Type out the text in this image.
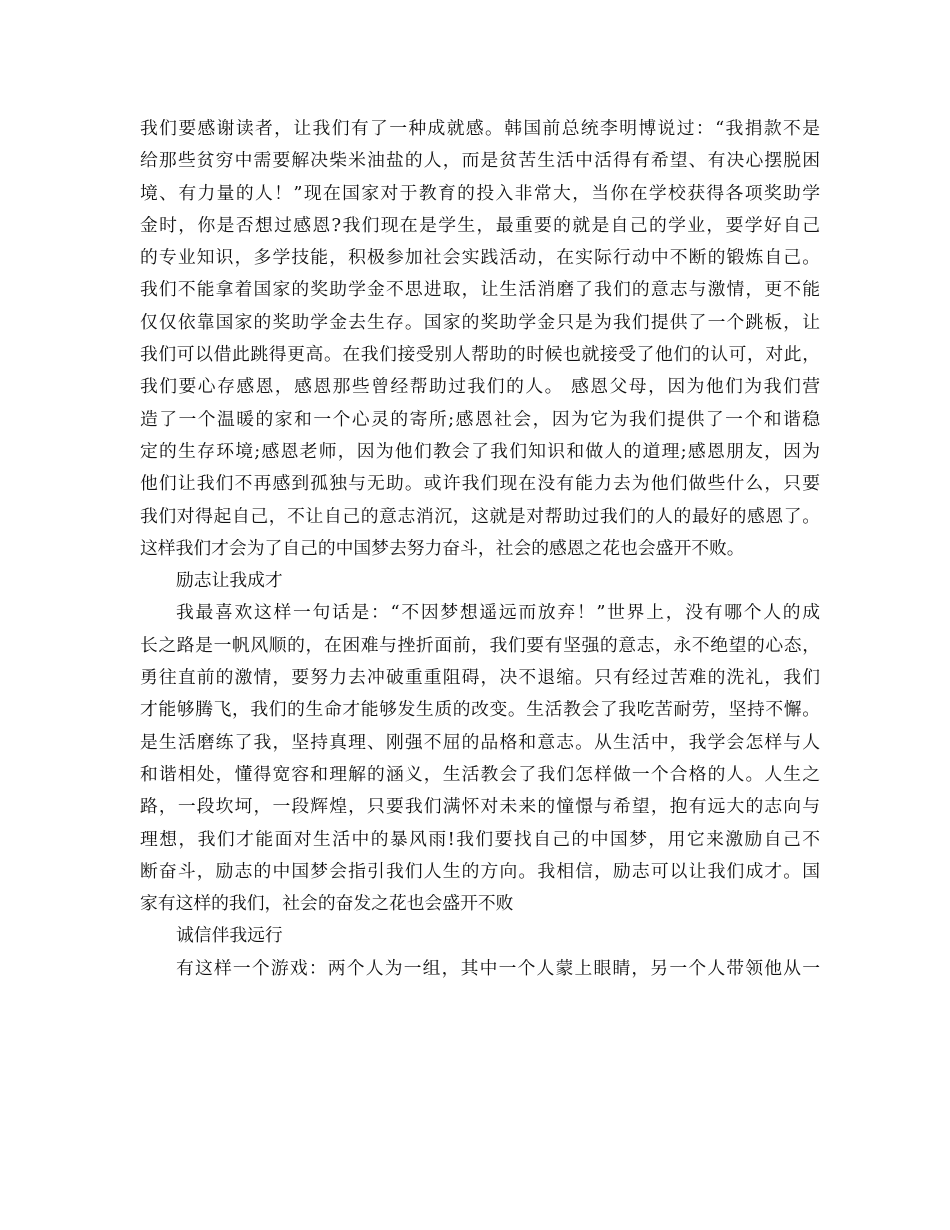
我们要感谢读者，让我们有了一种成就感。韩国前总统李明博说过：“我捐款不是
给那些贫穷中需要解决柴米油盐的人，而是贫苦生活中活得有希望、有决心摆脱困
境、有力量的人！”现在国家对于教育的投入非常大，当你在学校获得各项奖助学
金时，你是否想过感恩?我们现在是学生，最重要的就是自己的学业，要学好自己
的专业知识，多学技能，积极参加社会实践活动，在实际行动中不断的锻炼自己。
我们不能拿着国家的奖助学金不思进取，让生活消磨了我们的意志与激情，更不能
仅仅依靠国家的奖助学金去生存。国家的奖助学金只是为我们提供了一个跳板，让
我们可以借此跳得更高。在我们接受别人帮助的时候也就接受了他们的认可，对此，
我们要心存感恩，感恩那些曾经帮助过我们的人。 感恩父母，因为他们为我们营
造了一个温暖的家和一个心灵的寄所;感恩社会，因为它为我们提供了一个和谐稳
定的生存环境;感恩老师，因为他们教会了我们知识和做人的道理;感恩朋友，因为
他们让我们不再感到孤独与无助。或许我们现在没有能力去为他们做些什么，只要
我们对得起自己，不让自己的意志消沉，这就是对帮助过我们的人的最好的感恩了。
这样我们才会为了自己的中国梦去努力奋斗，社会的感恩之花也会盛开不败。
励志让我成才
我最喜欢这样一句话是：“不因梦想遥远而放弃！”世界上，没有哪个人的成
长之路是一帆风顺的，在困难与挫折面前，我们要有坚强的意志，永不绝望的心态，
勇往直前的激情，要努力去冲破重重阻碍，决不退缩。只有经过苦难的洗礼，我们
才能够腾飞，我们的生命才能够发生质的改变。生活教会了我吃苦耐劳，坚持不懈。
是生活磨练了我，坚持真理、刚强不屈的品格和意志。从生活中，我学会怎样与人
和谐相处，懂得宽容和理解的涵义，生活教会了我们怎样做一个合格的人。人生之
路，一段坎坷，一段辉煌，只要我们满怀对未来的憧憬与希望，抱有远大的志向与
理想，我们才能面对生活中的暴风雨!我们要找自己的中国梦，用它来激励自己不
断奋斗，励志的中国梦会指引我们人生的方向。我相信，励志可以让我们成才。国
家有这样的我们，社会的奋发之花也会盛开不败
诚信伴我远行
有这样一个游戏：两个人为一组，其中一个人蒙上眼睛，另一个人带领他从一
